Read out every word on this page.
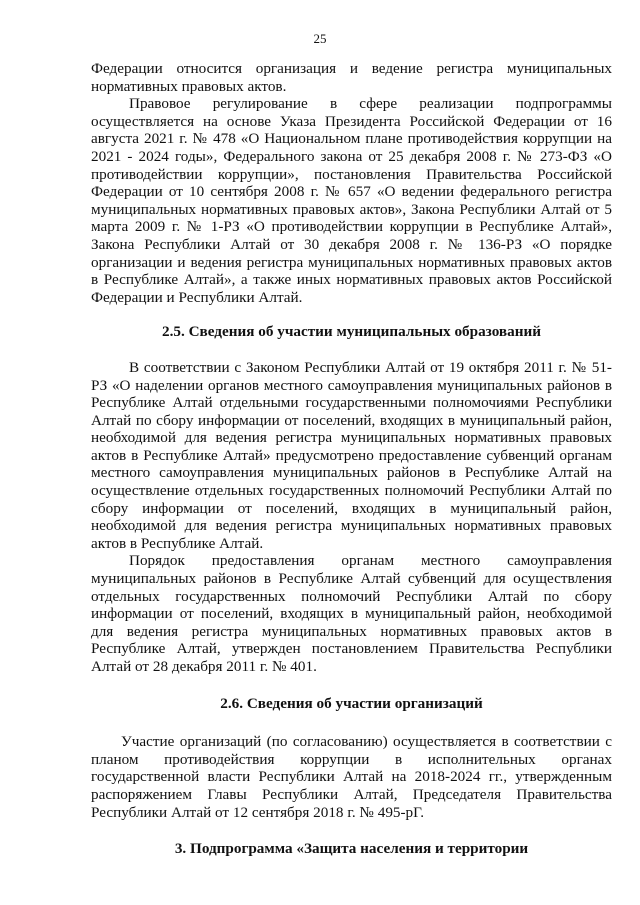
25

Федерации относится организация и ведение регистра муниципальных нормативных правовых актов.

Правовое регулирование в сфере реализации подпрограммы осуществляется на основе Указа Президента Российской Федерации от 16 августа 2021 г. № 478 «О Национальном плане противодействия коррупции на 2021 - 2024 годы», Федерального закона от 25 декабря 2008 г. № 273-ФЗ «О противодействии коррупции», постановления Правительства Российской Федерации от 10 сентября 2008 г. № 657 «О ведении федерального регистра муниципальных нормативных правовых актов», Закона Республики Алтай от 5 марта 2009 г. № 1-РЗ «О противодействии коррупции в Республике Алтай», Закона Республики Алтай от 30 декабря 2008 г. № 136-РЗ «О порядке организации и ведения регистра муниципальных нормативных правовых актов в Республике Алтай», а также иных нормативных правовых актов Российской Федерации и Республики Алтай.

2.5. Сведения об участии муниципальных образований

В соответствии с Законом Республики Алтай от 19 октября 2011 г. № 51-РЗ «О наделении органов местного самоуправления муниципальных районов в Республике Алтай отдельными государственными полномочиями Республики Алтай по сбору информации от поселений, входящих в муниципальный район, необходимой для ведения регистра муниципальных нормативных правовых актов в Республике Алтай» предусмотрено предоставление субвенций органам местного самоуправления муниципальных районов в Республике Алтай на осуществление отдельных государственных полномочий Республики Алтай по сбору информации от поселений, входящих в муниципальный район, необходимой для ведения регистра муниципальных нормативных правовых актов в Республике Алтай.

Порядок предоставления органам местного самоуправления муниципальных районов в Республике Алтай субвенций для осуществления отдельных государственных полномочий Республики Алтай по сбору информации от поселений, входящих в муниципальный район, необходимой для ведения регистра муниципальных нормативных правовых актов в Республике Алтай, утвержден постановлением Правительства Республики Алтай от 28 декабря 2011 г. № 401.

2.6. Сведения об участии организаций

Участие организаций (по согласованию) осуществляется в соответствии с планом противодействия коррупции в исполнительных органах государственной власти Республики Алтай на 2018-2024 гг., утвержденным распоряжением Главы Республики Алтай, Председателя Правительства Республики Алтай от 12 сентября 2018 г. № 495-рГ.

3. Подпрограмма «Защита населения и территории
